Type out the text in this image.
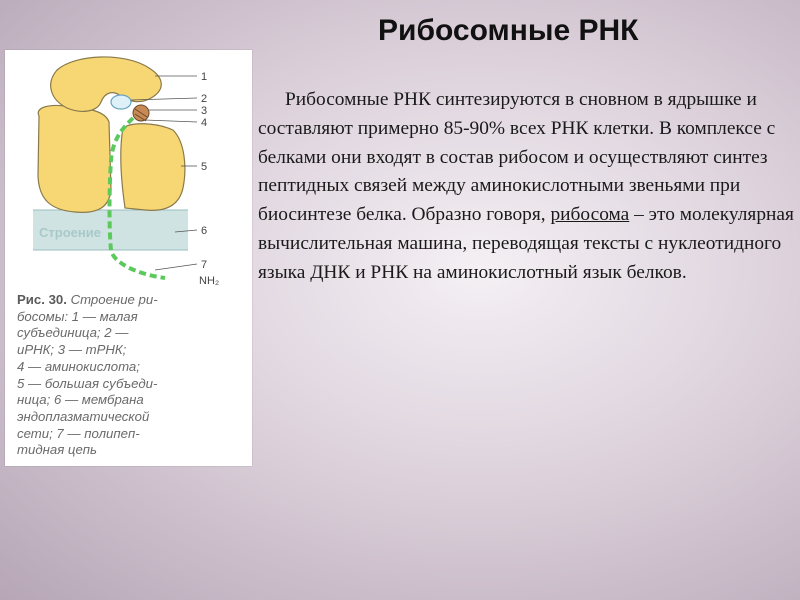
Рибосомные РНК
Строение
1
2
3
4
5
6
7
NH₂
Рис. 30. Строение ри-
босомы: 1 — малая
субъединица; 2 —
иРНК; 3 — тРНК;
4 — аминокислота;
5 — большая субъеди-
ница; 6 — мембрана
эндоплазматической
сети; 7 — полипеп-
тидная цепь

Рибосомные РНК синтезируются в сновном в ядрышке и составляют примерно 85-90% всех РНК клетки. В комплексе с белками они входят в состав рибосом и осуществляют синтез пептидных связей между аминокислотными звеньями при биосинтезе белка. Образно говоря, рибосома – это молекулярная вычислительная машина, переводящая тексты с нуклеотидного языка ДНК и РНК на аминокислотный язык белков.
